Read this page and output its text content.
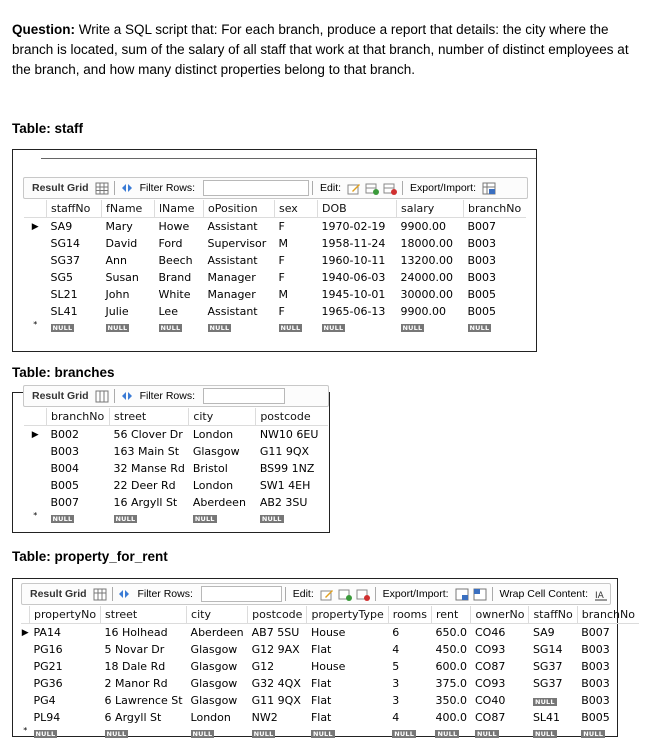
Question: Write a SQL script that: For each branch, produce a report that details: the city where the branch is located, sum of the salary of all staff that work at that branch, number of distinct employees at the branch, and how many distinct properties belong to that branch.
Table: staff
Result Grid	Filter Rows:	Edit:	Export/Import:
	staffNo	fName	lName	oPosition	sex	DOB	salary	branchNo
▶	SA9	Mary	Howe	Assistant	F	1970-02-19	9900.00	B007
	SG14	David	Ford	Supervisor	M	1958-11-24	18000.00	B003
	SG37	Ann	Beech	Assistant	F	1960-10-11	13200.00	B003
	SG5	Susan	Brand	Manager	F	1940-06-03	24000.00	B003
	SL21	John	White	Manager	M	1945-10-01	30000.00	B005
	SL41	Julie	Lee	Assistant	F	1965-06-13	9900.00	B005
*	NULL	NULL	NULL	NULL	NULL	NULL	NULL	NULL
Table: branches
Result Grid	Filter Rows:
	branchNo	street	city	postcode
▶	B002	56 Clover Dr	London	NW10 6EU
	B003	163 Main St	Glasgow	G11 9QX
	B004	32 Manse Rd	Bristol	BS99 1NZ
	B005	22 Deer Rd	London	SW1 4EH
	B007	16 Argyll St	Aberdeen	AB2 3SU
*	NULL	NULL	NULL	NULL
Table: property_for_rent
Result Grid	Filter Rows:	Edit:	Export/Import:	Wrap Cell Content: IA
	propertyNo	street	city	postcode	propertyType	rooms	rent	ownerNo	staffNo	branchNo
▶	PA14	16 Holhead	Aberdeen	AB7 5SU	House	6	650.0	CO46	SA9	B007
	PG16	5 Novar Dr	Glasgow	G12 9AX	Flat	4	450.0	CO93	SG14	B003
	PG21	18 Dale Rd	Glasgow	G12	House	5	600.0	CO87	SG37	B003
	PG36	2 Manor Rd	Glasgow	G32 4QX	Flat	3	375.0	CO93	SG37	B003
	PG4	6 Lawrence St	Glasgow	G11 9QX	Flat	3	350.0	CO40	NULL	B003
	PL94	6 Argyll St	London	NW2	Flat	4	400.0	CO87	SL41	B005
*	NULL	NULL	NULL	NULL	NULL	NULL	NULL	NULL	NULL	NULL
